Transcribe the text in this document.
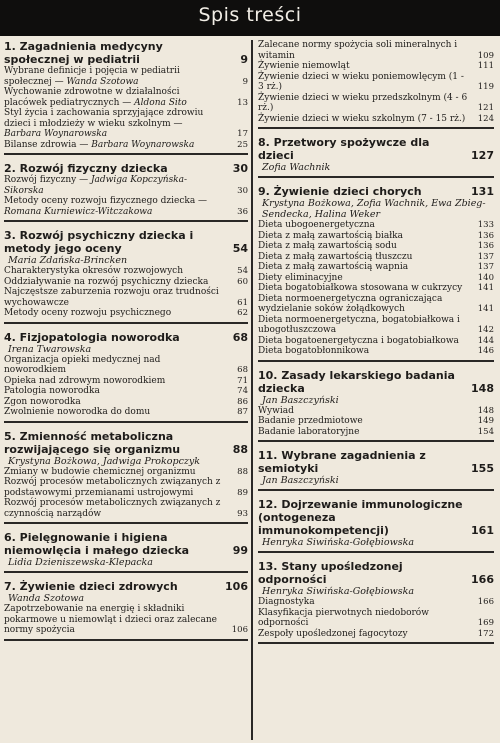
Spis treści
1. Zagadnienia medycyny społecznej w pediatrii	9
Wybrane definicje i pojęcia w pediatrii społecznej — Wanda Szotowa	9
Wychowanie zdrowotne w działalności placówek pediatrycznych — Aldona Sito	13
Styl życia i zachowania sprzyjające zdrowiu dzieci i młodzieży w wieku szkolnym — Barbara Woynarowska	17
Bilanse zdrowia — Barbara Woynarowska	25
2. Rozwój fizyczny dziecka	30
Rozwój fizyczny — Jadwiga Kopczyńska-Sikorska	30
Metody oceny rozwoju fizycznego dziecka — Romana Kurniewicz-Witczakowa	36
3. Rozwój psychiczny dziecka i metody jego oceny	54
Maria Zdańska-Brincken
Charakterystyka okresów rozwojowych	54
Oddziaływanie na rozwój psychiczny dziecka	60
Najczęstsze zaburzenia rozwoju oraz trudności wychowawcze	61
Metody oceny rozwoju psychicznego	62
4. Fizjopatologia noworodka	68
Irena Twarowska
Organizacja opieki medycznej nad noworodkiem	68
Opieka nad zdrowym noworodkiem	71
Patologia noworodka	74
Zgon noworodka	86
Zwolnienie noworodka do domu	87
5. Zmienność metaboliczna rozwijającego się organizmu	88
Krystyna Bożkowa, Jadwiga Prokopczyk
Zmiany w budowie chemicznej organizmu	88
Rozwój procesów metabolicznych związanych z podstawowymi przemianami ustrojowymi	89
Rozwój procesów metabolicznych związanych z czynnością narządów	93
6. Pielęgnowanie i higiena niemowlęcia i małego dziecka	99
Lidia Dzieniszewska-Klepacka
7. Żywienie dzieci zdrowych	106
Wanda Szotowa
Zapotrzebowanie na energię i składniki pokarmowe u niemowląt i dzieci oraz zalecane normy spożycia	106
Zalecane normy spożycia soli mineralnych i witamin	109
Żywienie niemowląt	111
Żywienie dzieci w wieku poniemowlęcym (1 - 3 rż.)	119
Żywienie dzieci w wieku przedszkolnym (4 - 6 rż.)	121
Żywienie dzieci w wieku szkolnym (7 - 15 rż.)	124
8. Przetwory spożywcze dla dzieci	127
Zofia Wachnik
9. Żywienie dzieci chorych	131
Krystyna Bożkowa, Zofia Wachnik, Ewa Zbieg-Sendecka, Halina Weker
Dieta ubogoenergetyczna	133
Dieta z małą zawartością białka	136
Dieta z małą zawartością sodu	136
Dieta z małą zawartością tłuszczu	137
Dieta z małą zawartością wapnia	137
Diety eliminacyjne	140
Dieta bogatobiałkowa stosowana w cukrzycy	141
Dieta normoenergetyczna ograniczająca wydzielanie soków żołądkowych	141
Dieta normoenergetyczna, bogatobiałkowa i ubogotłuszczowa	142
Dieta bogatoenergetyczna i bogatobiałkowa	144
Dieta bogatobłonnikowa	146
10. Zasady lekarskiego badania dziecka	148
Jan Baszczyński
Wywiad	148
Badanie przedmiotowe	149
Badanie laboratoryjne	154
11. Wybrane zagadnienia z semiotyki	155
Jan Baszczyński
12. Dojrzewanie immunologiczne (ontogeneza immunokompetencji)	161
Henryka Siwińska-Gołębiowska
13. Stany upośledzonej odporności	166
Henryka Siwińska-Gołębiowska
Diagnostyka	166
Klasyfikacja pierwotnych niedoborów odporności	169
Zespoły upośledzonej fagocytozy	172
